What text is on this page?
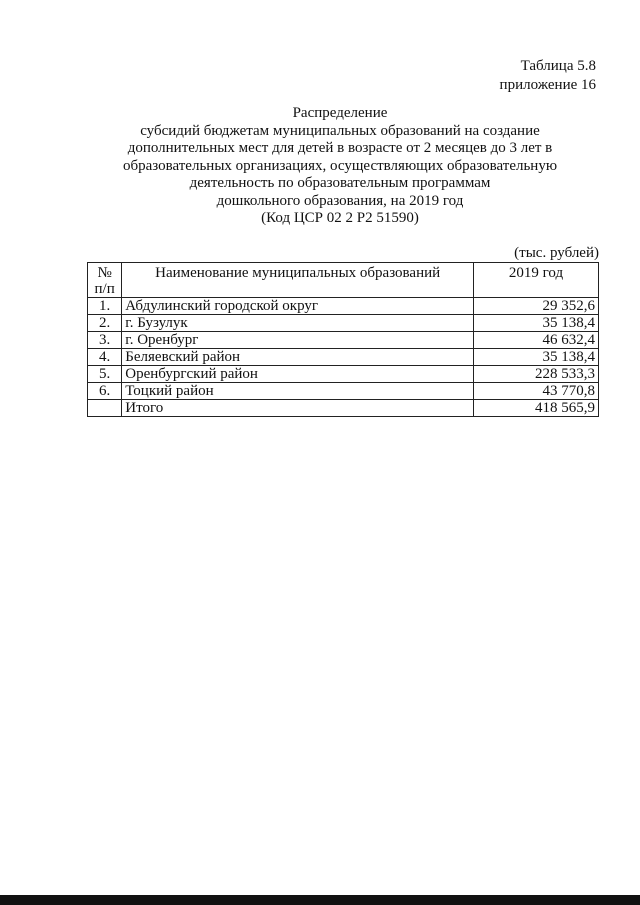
Таблица 5.8
приложение 16
Распределение
субсидий бюджетам муниципальных образований на создание
дополнительных мест для детей в возрасте от 2 месяцев до 3 лет в
образовательных организациях, осуществляющих образовательную
деятельность по образовательным программам
дошкольного образования, на 2019 год
(Код ЦСР 02 2 P2 51590)
(тыс. рублей)
№
п/п	Наименование муниципальных образований	2019 год
1.	Абдулинский городской округ	29 352,6
2.	г. Бузулук	35 138,4
3.	г. Оренбург	46 632,4
4.	Беляевский район	35 138,4
5.	Оренбургский район	228 533,3
6.	Тоцкий район	43 770,8
	Итого	418 565,9
